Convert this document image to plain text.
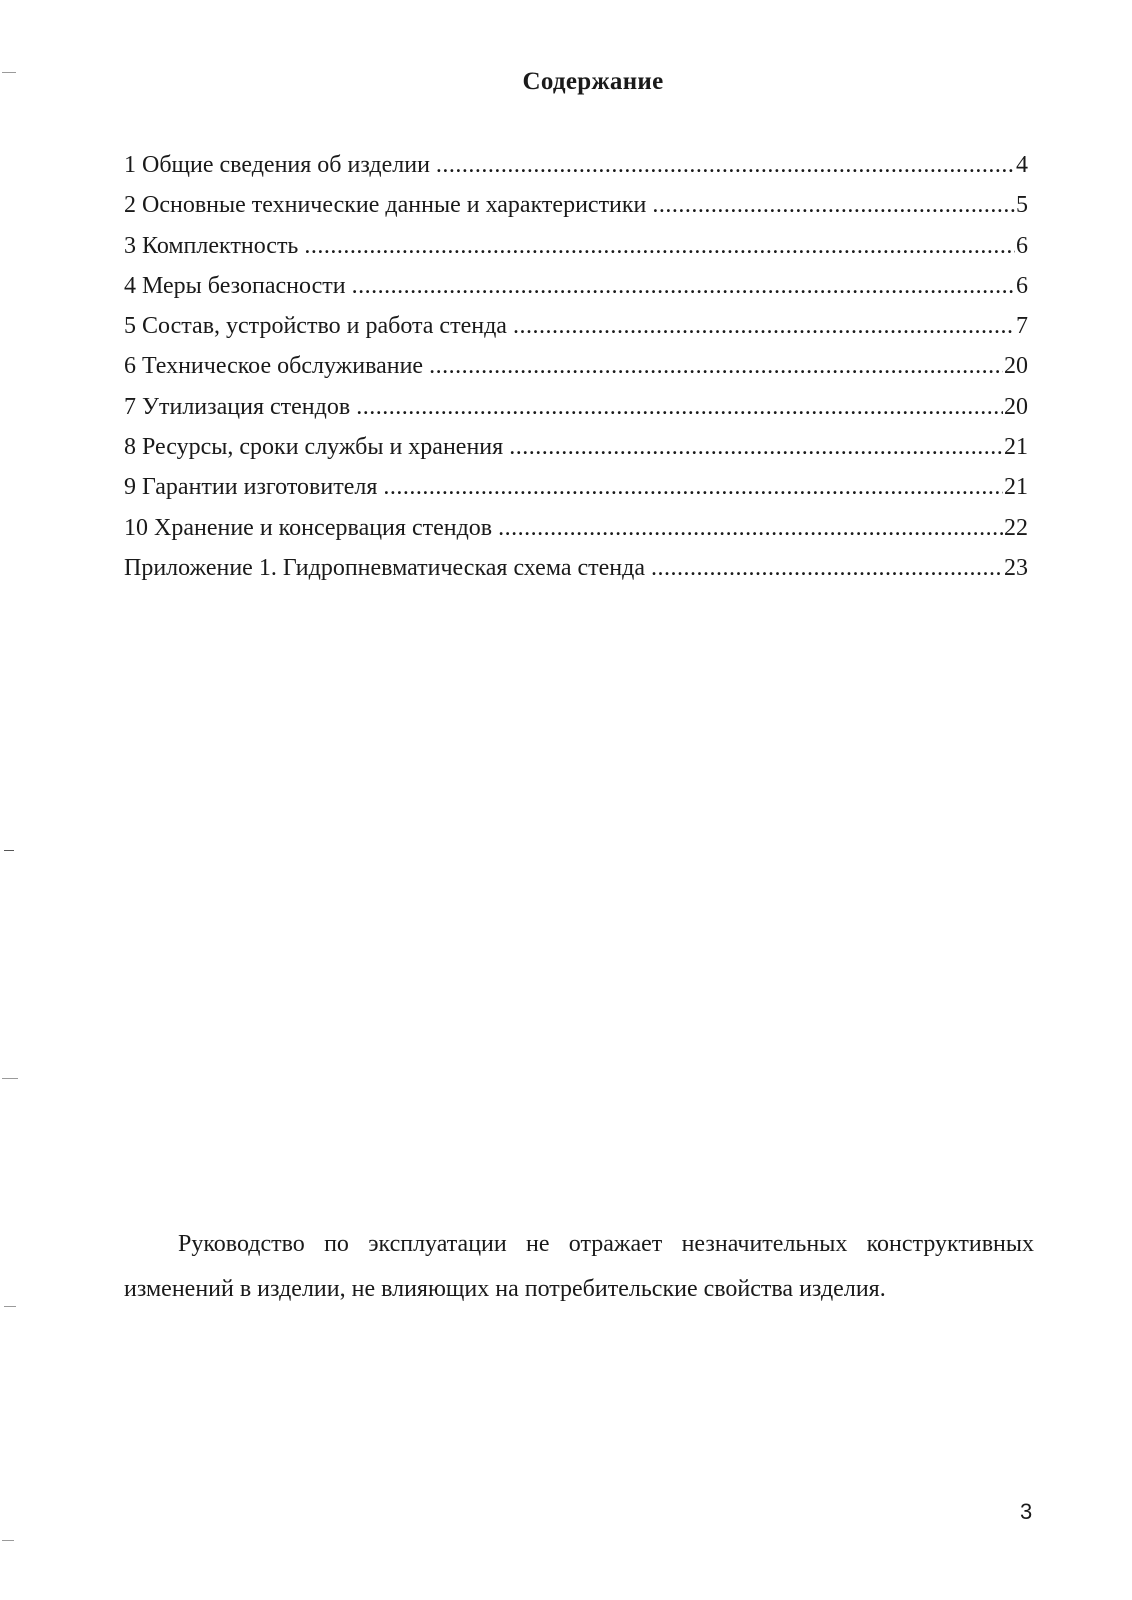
Содержание
1 Общие сведения об изделии .....	4
2 Основные технические данные и характеристики .....	5
3 Комплектность .....	6
4 Меры безопасности .....	6
5 Состав, устройство и работа стенда .....	7
6 Техническое обслуживание .....	20
7 Утилизация стендов .....	20
8 Ресурсы, сроки службы и хранения .....	21
9 Гарантии изготовителя .....	21
10 Хранение и консервация стендов .....	22
Приложение 1. Гидропневматическая схема стенда .....	23
Руководство по эксплуатации не отражает незначительных конструктивных изменений в изделии, не влияющих на потребительские свойства изделия.
3
